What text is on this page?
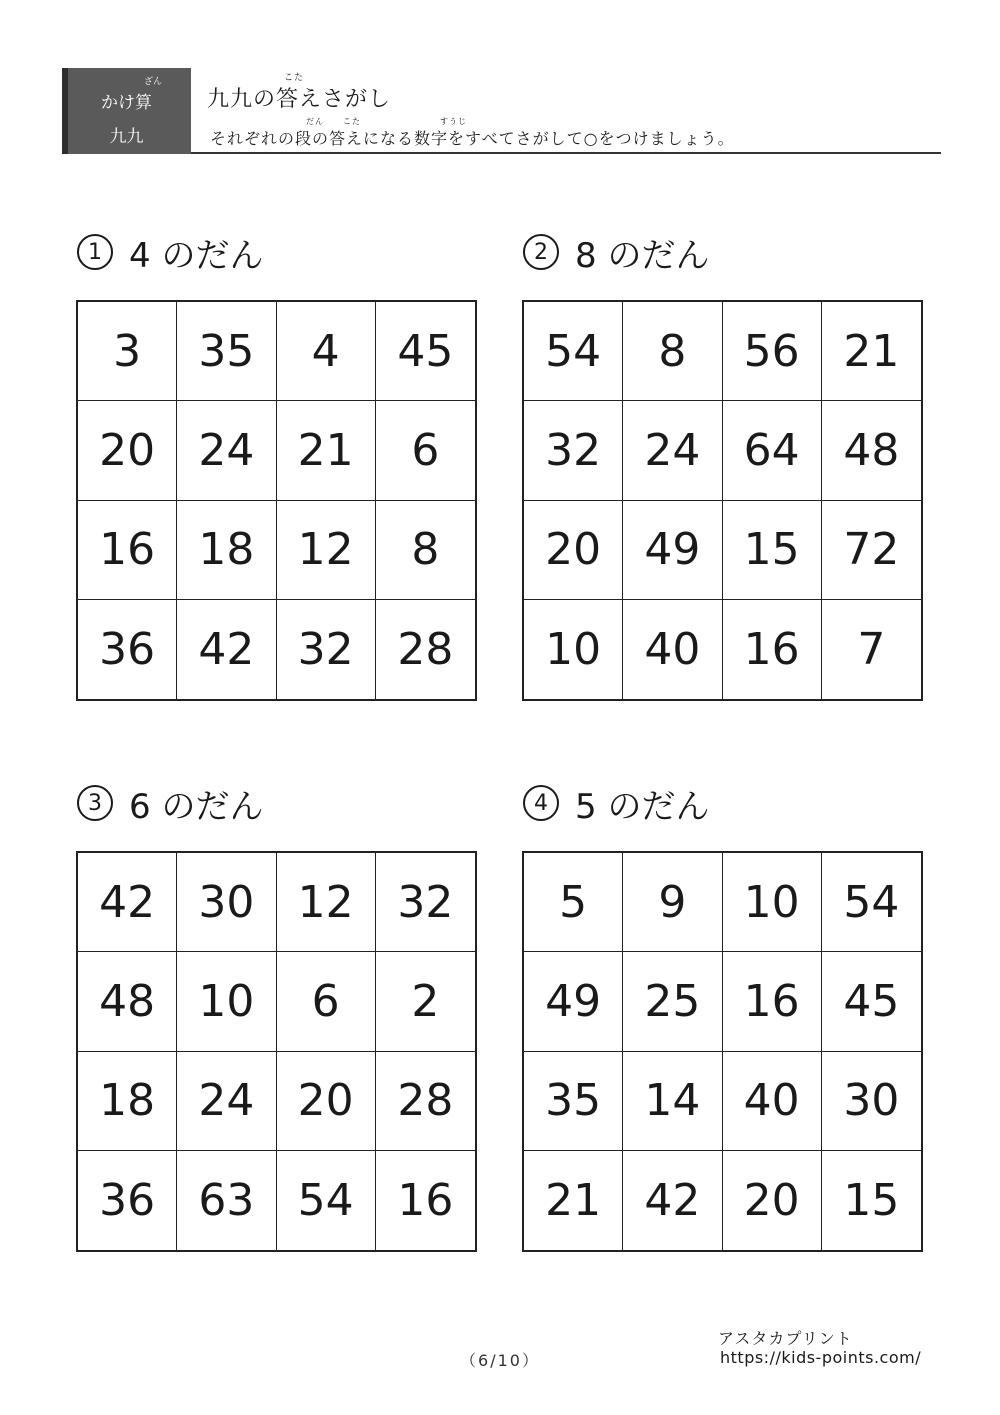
ざん
かけ算
九九
こた
九九の答えさがし
だん こた	すうじ
それぞれの段の答えになる数字をすべてさがして○をつけましょう。
1 4 のだん
3	35	4	45
20 24 21	6
16 18 12	8
36 42 32 28
2 8 のだん
54	8	56 21
32 24 64 48
20 49 15 72
10 40 16	7
3 6 のだん
42 30 12 32
48 10	6	2
18 24 20 28
36 63 54 16
4 5 のだん
5	9	10 54
49 25 16 45
35 14 40 30
21 42 20 15
（6/10）
アスタカプリント
https://kids-points.com/
